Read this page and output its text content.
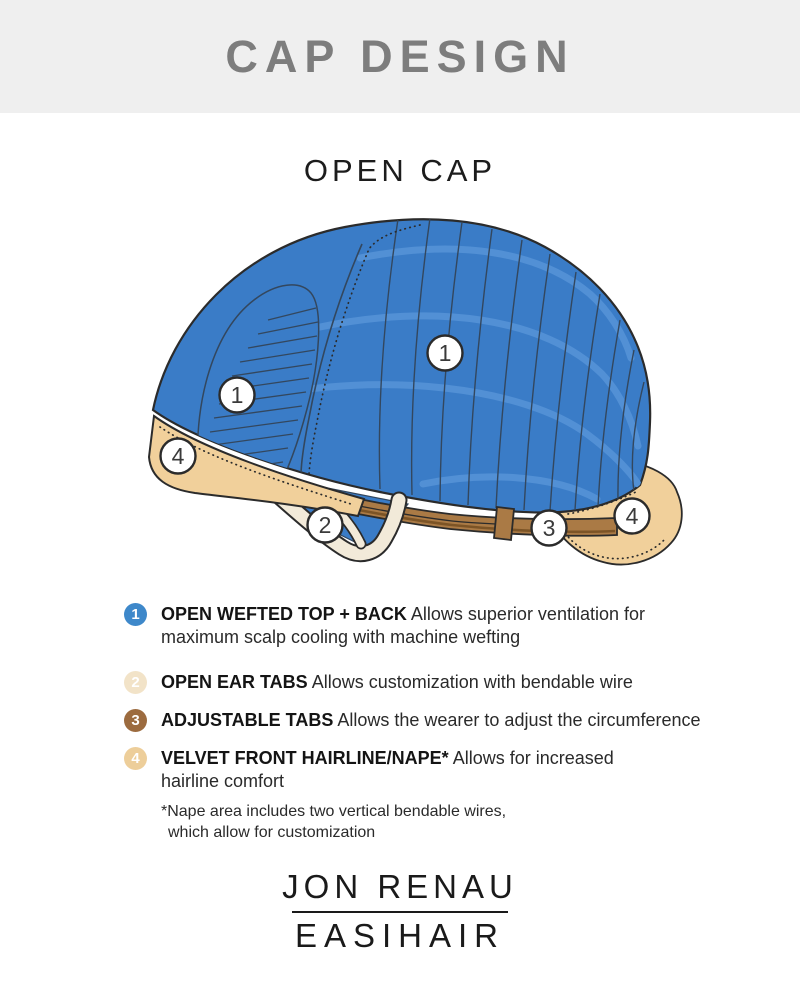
CAP DESIGN
OPEN CAP
1
1
2	3
4
4
1	OPEN WEFTED TOP + BACK Allows superior ventilation for
maximum scalp cooling with machine wefting
2	OPEN EAR TABS Allows customization with bendable wire
3	ADJUSTABLE TABS Allows the wearer to adjust the circumference
4	VELVET FRONT HAIRLINE/NAPE* Allows for increased
hairline comfort
*Nape area includes two vertical bendable wires,
which allow for customization
JON RENAU
EASIHAIR
